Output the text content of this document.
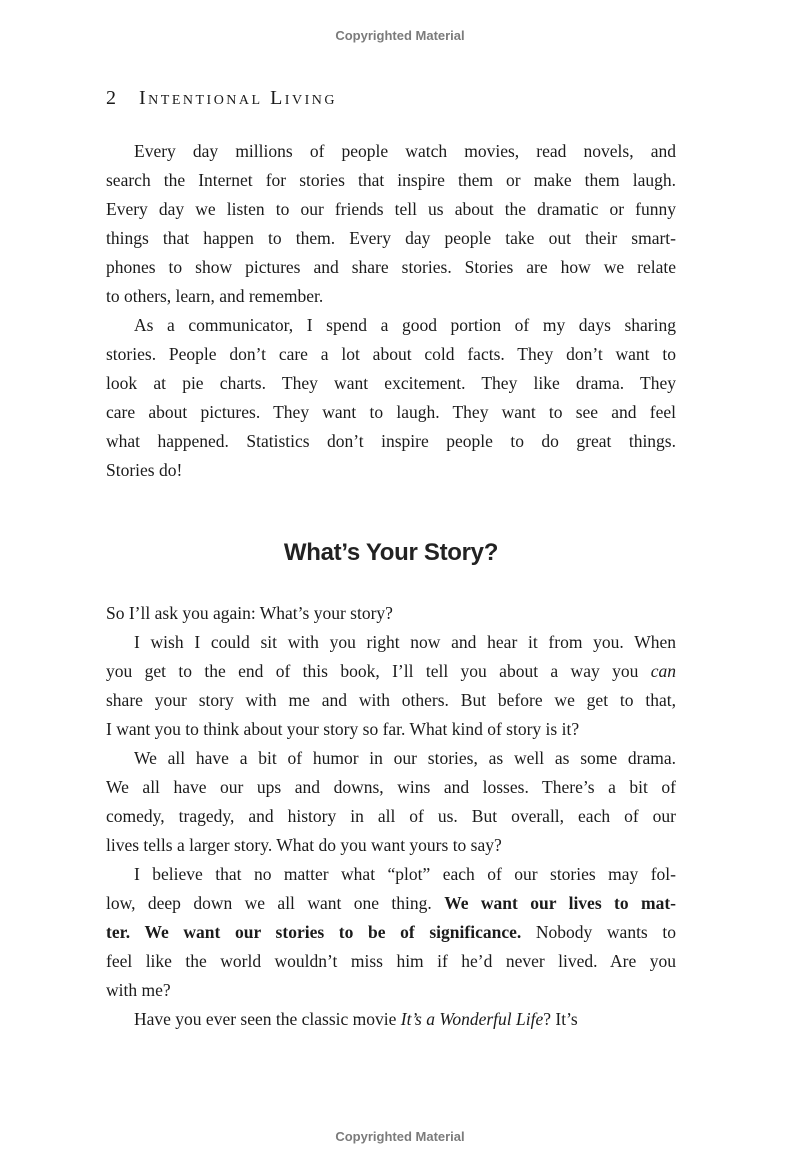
Copyrighted Material
2 Intentional Living
Every day millions of people watch movies, read novels, and
search the Internet for stories that inspire them or make them laugh.
Every day we listen to our friends tell us about the dramatic or funny
things that happen to them. Every day people take out their smart-
phones to show pictures and share stories. Stories are how we relate
to others, learn, and remember.
As a communicator, I spend a good portion of my days sharing
stories. People don’t care a lot about cold facts. They don’t want to
look at pie charts. They want excitement. They like drama. They
care about pictures. They want to laugh. They want to see and feel
what happened. Statistics don’t inspire people to do great things.
Stories do!
What’s Your Story?
So I’ll ask you again: What’s your story?
I wish I could sit with you right now and hear it from you. When
you get to the end of this book, I’ll tell you about a way you can
share your story with me and with others. But before we get to that,
I want you to think about your story so far. What kind of story is it?
We all have a bit of humor in our stories, as well as some drama.
We all have our ups and downs, wins and losses. There’s a bit of
comedy, tragedy, and history in all of us. But overall, each of our
lives tells a larger story. What do you want yours to say?
I believe that no matter what “plot” each of our stories may fol-
low, deep down we all want one thing. We want our lives to mat-
ter. We want our stories to be of significance. Nobody wants to
feel like the world wouldn’t miss him if he’d never lived. Are you
with me?
Have you ever seen the classic movie It’s a Wonderful Life? It’s
Copyrighted Material
